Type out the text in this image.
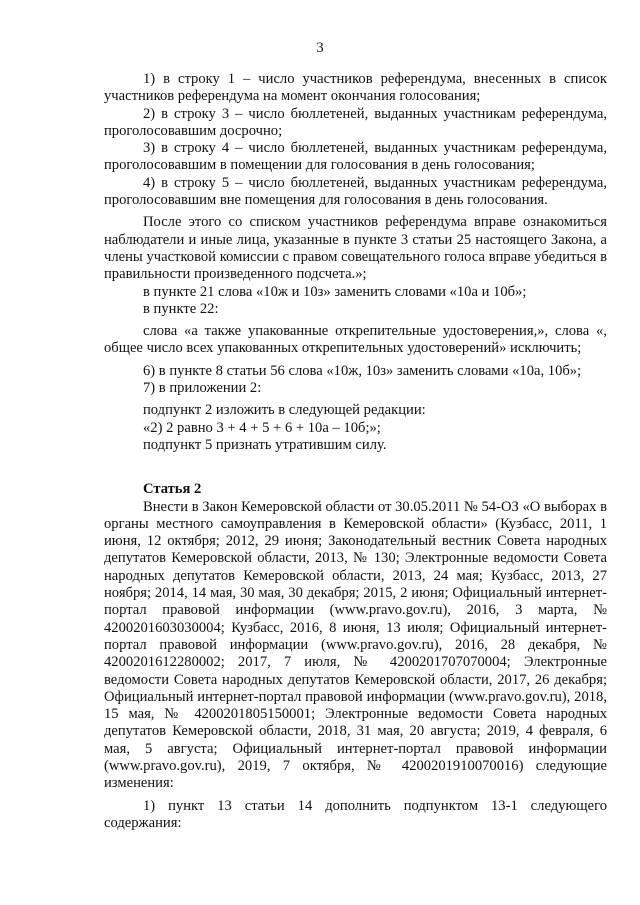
3

1) в строку 1 – число участников референдума, внесенных в список участников референдума на момент окончания голосования;

2) в строку 3 – число бюллетеней, выданных участникам референдума, проголосовавшим досрочно;

3) в строку 4 – число бюллетеней, выданных участникам референдума, проголосовавшим в помещении для голосования в день голосования;

4) в строку 5 – число бюллетеней, выданных участникам референдума, проголосовавшим вне помещения для голосования в день голосования.

После этого со списком участников референдума вправе ознакомиться наблюдатели и иные лица, указанные в пункте 3 статьи 25 настоящего Закона, а члены участковой комиссии с правом совещательного голоса вправе убедиться в правильности произведенного подсчета.»;

в пункте 21 слова «10ж и 10з» заменить словами «10а и 10б»;

в пункте 22:

слова «а также упакованные открепительные удостоверения,», слова «, общее число всех упакованных открепительных удостоверений» исключить;

6) в пункте 8 статьи 56 слова «10ж, 10з» заменить словами «10а, 10б»;

7) в приложении 2:

подпункт 2 изложить в следующей редакции:

«2) 2 равно 3 + 4 + 5 + 6 + 10а – 10б;»;

подпункт 5 признать утратившим силу.

Статья 2

Внести в Закон Кемеровской области от 30.05.2011 № 54-ОЗ «О выборах в органы местного самоуправления в Кемеровской области» (Кузбасс, 2011, 1 июня, 12 октября; 2012, 29 июня; Законодательный вестник Совета народных депутатов Кемеровской области, 2013, № 130; Электронные ведомости Совета народных депутатов Кемеровской области, 2013, 24 мая; Кузбасс, 2013, 27 ноября; 2014, 14 мая, 30 мая, 30 декабря; 2015, 2 июня; Официальный интернет-портал правовой информации (www.pravo.gov.ru), 2016, 3 марта, № 4200201603030004; Кузбасс, 2016, 8 июня, 13 июля; Официальный интернет-портал правовой информации (www.pravo.gov.ru), 2016, 28 декабря, № 4200201612280002; 2017, 7 июля, № 4200201707070004; Электронные ведомости Совета народных депутатов Кемеровской области, 2017, 26 декабря; Официальный интернет-портал правовой информации (www.pravo.gov.ru), 2018, 15 мая, № 4200201805150001; Электронные ведомости Совета народных депутатов Кемеровской области, 2018, 31 мая, 20 августа; 2019, 4 февраля, 6 мая, 5 августа; Официальный интернет-портал правовой информации (www.pravo.gov.ru), 2019, 7 октября, № 4200201910070016) следующие изменения:

1) пункт 13 статьи 14 дополнить подпунктом 13-1 следующего содержания:
